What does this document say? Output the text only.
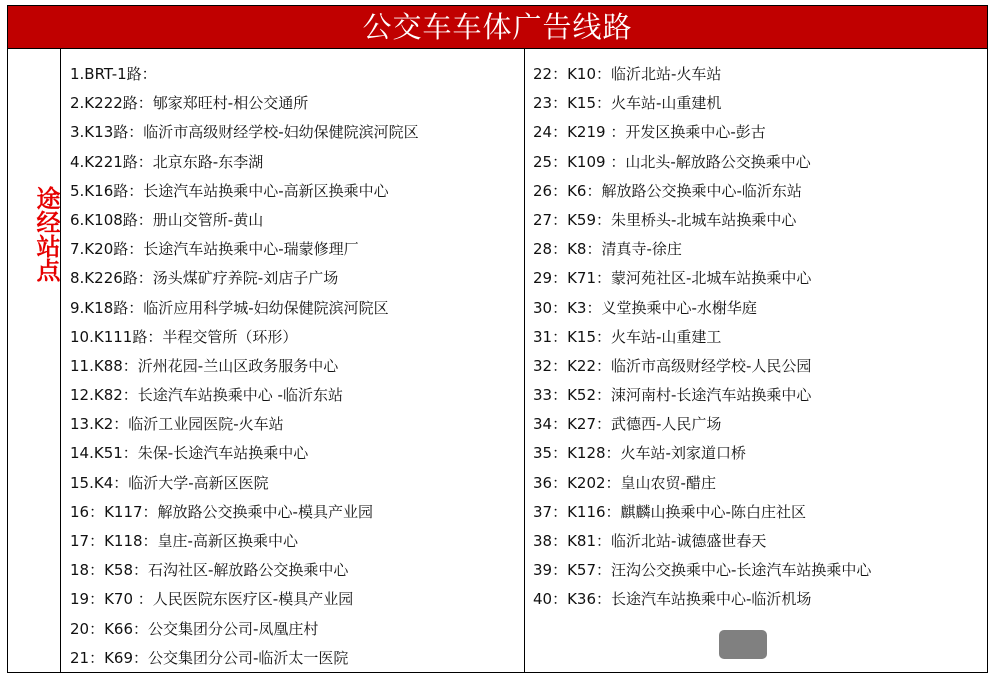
公交车车体广告线路
途经站点
1.BRT-1路：
2.K222路：郇家郑旺村-相公交通所
3.K13路：临沂市高级财经学校-妇幼保健院滨河院区
4.K221路：北京东路-东李湖
5.K16路：长途汽车站换乘中心-高新区换乘中心
6.K108路：册山交管所-黄山
7.K20路：长途汽车站换乘中心-瑞蒙修理厂
8.K226路：汤头煤矿疗养院-刘店子广场
9.K18路：临沂应用科学城-妇幼保健院滨河院区
10.K111路：半程交管所（环形）
11.K88：沂州花园-兰山区政务服务中心
12.K82：长途汽车站换乘中心 -临沂东站
13.K2：临沂工业园医院-火车站
14.K51：朱保-长途汽车站换乘中心
15.K4：临沂大学-高新区医院
16：K117：解放路公交换乘中心-模具产业园
17：K118：皇庄-高新区换乘中心
18：K58：石沟社区-解放路公交换乘中心
19：K70 ：人民医院东医疗区-模具产业园
20：K66：公交集团分公司-凤凰庄村
21：K69：公交集团分公司-临沂太一医院
22：K10：临沂北站-火车站
23：K15：火车站-山重建机
24：K219 ：开发区换乘中心-彭古
25：K109 ：山北头-解放路公交换乘中心
26：K6：解放路公交换乘中心-临沂东站
27：K59：朱里桥头-北城车站换乘中心
28：K8：清真寺-徐庄
29：K71：蒙河苑社区-北城车站换乘中心
30：K3：义堂换乘中心-水榭华庭
31：K15：火车站-山重建工
32：K22：临沂市高级财经学校-人民公园
33：K52：涑河南村-长途汽车站换乘中心
34：K27：武德西-人民广场
35：K128：火车站-刘家道口桥
36：K202：皇山农贸-醋庄
37：K116：麒麟山换乘中心-陈白庄社区
38：K81：临沂北站-诚德盛世春天
39：K57：汪沟公交换乘中心-长途汽车站换乘中心
40：K36：长途汽车站换乘中心-临沂机场
